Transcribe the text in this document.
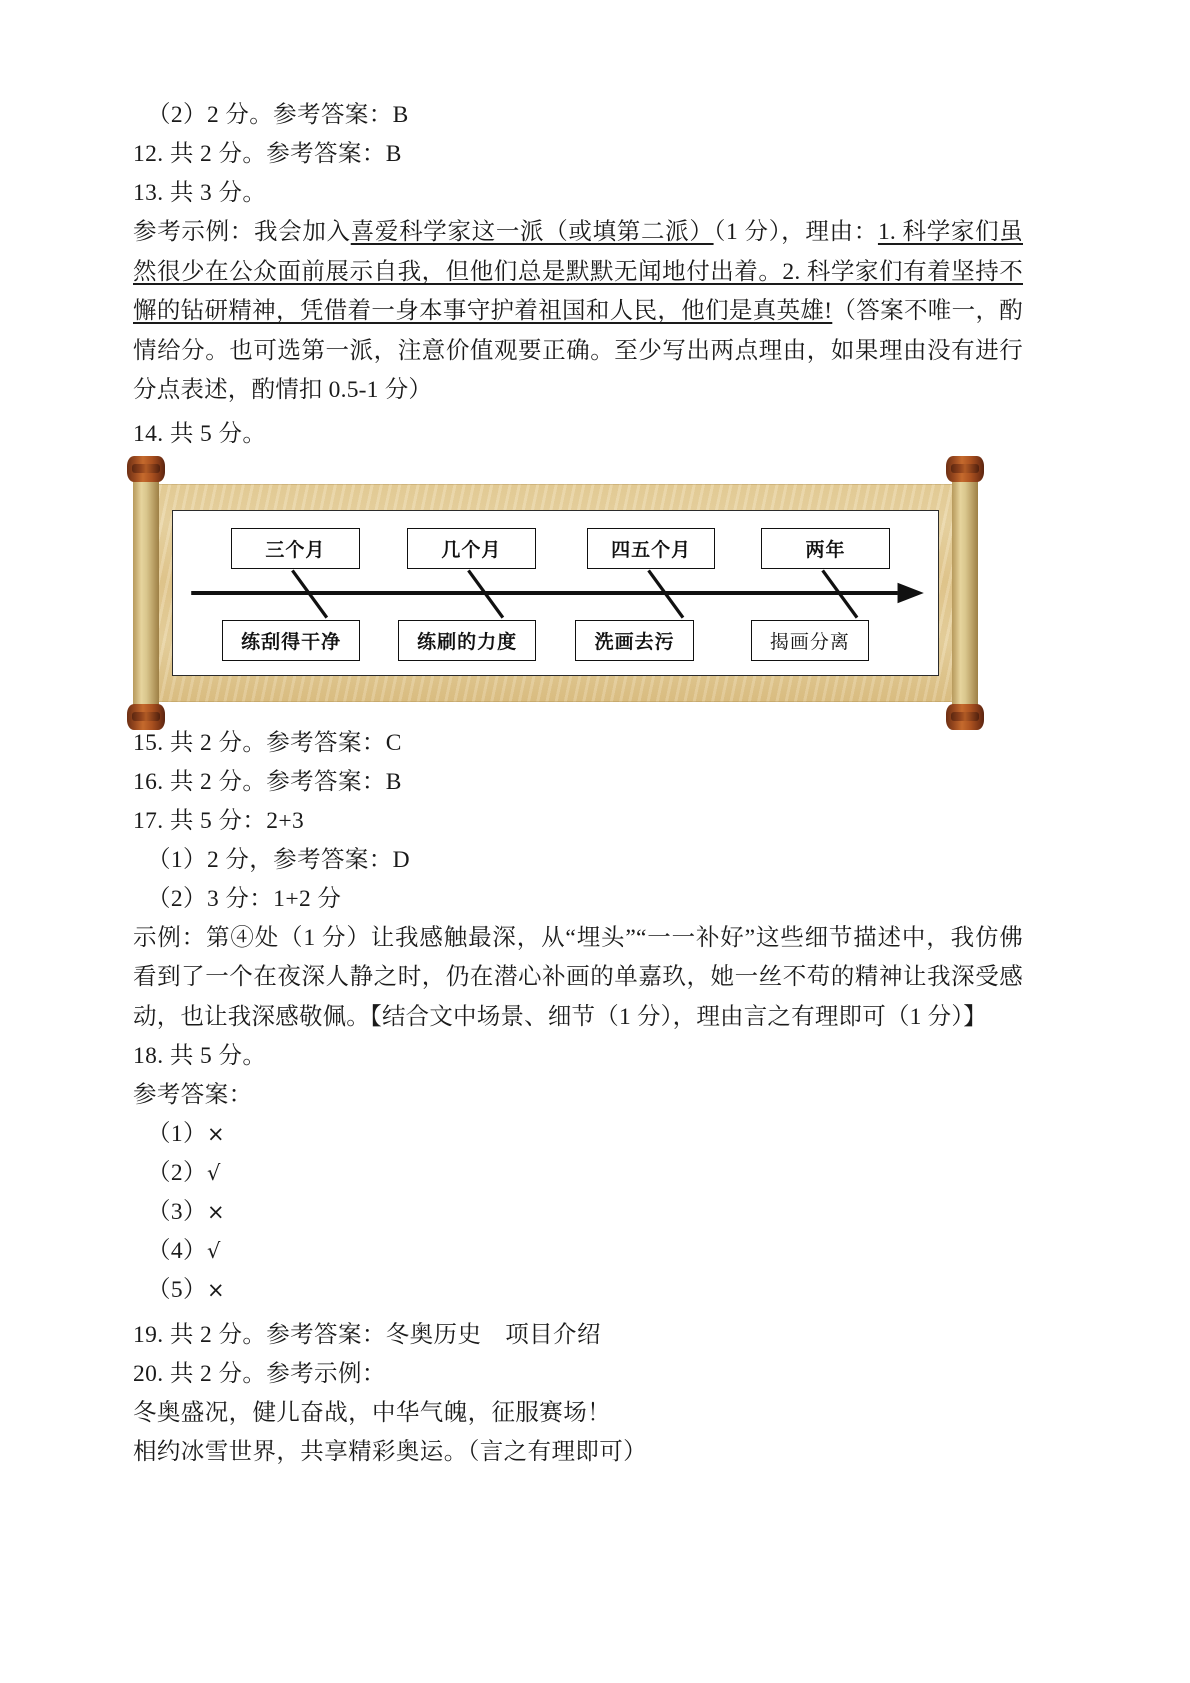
（2）2 分。参考答案：B
12. 共 2 分。参考答案：B
13. 共 3 分。
参考示例：我会加入喜爱科学家这一派（或填第二派）（1 分），理由：1. 科学家们虽然很少在公众面前展示自我，但他们总是默默无闻地付出着。2. 科学家们有着坚持不懈的钻研精神，凭借着一身本事守护着祖国和人民，他们是真英雄!（答案不唯一，酌情给分。也可选第一派，注意价值观要正确。至少写出两点理由，如果理由没有进行分点表述，酌情扣 0.5-1 分）
14. 共 5 分。
三个月	几个月	四五个月	两年
练刮得干净	练刷的力度	洗画去污	揭画分离
15. 共 2 分。参考答案：C
16. 共 2 分。参考答案：B
17. 共 5 分：2+3
（1）2 分，参考答案：D
（2）3 分：1+2 分
示例：第④处（1 分）让我感触最深，从“埋头”“一一补好”这些细节描述中，我仿佛看到了一个在夜深人静之时，仍在潜心补画的单嘉玖，她一丝不苟的精神让我深受感动，也让我深感敬佩。【结合文中场景、细节（1 分），理由言之有理即可（1 分）】
18. 共 5 分。
参考答案：
（1）×
（2）√
（3）×
（4）√
（5）×
19. 共 2 分。参考答案：冬奥历史　项目介绍
20. 共 2 分。参考示例：
冬奥盛况，健儿奋战，中华气魄，征服赛场！
相约冰雪世界，共享精彩奥运。（言之有理即可）
